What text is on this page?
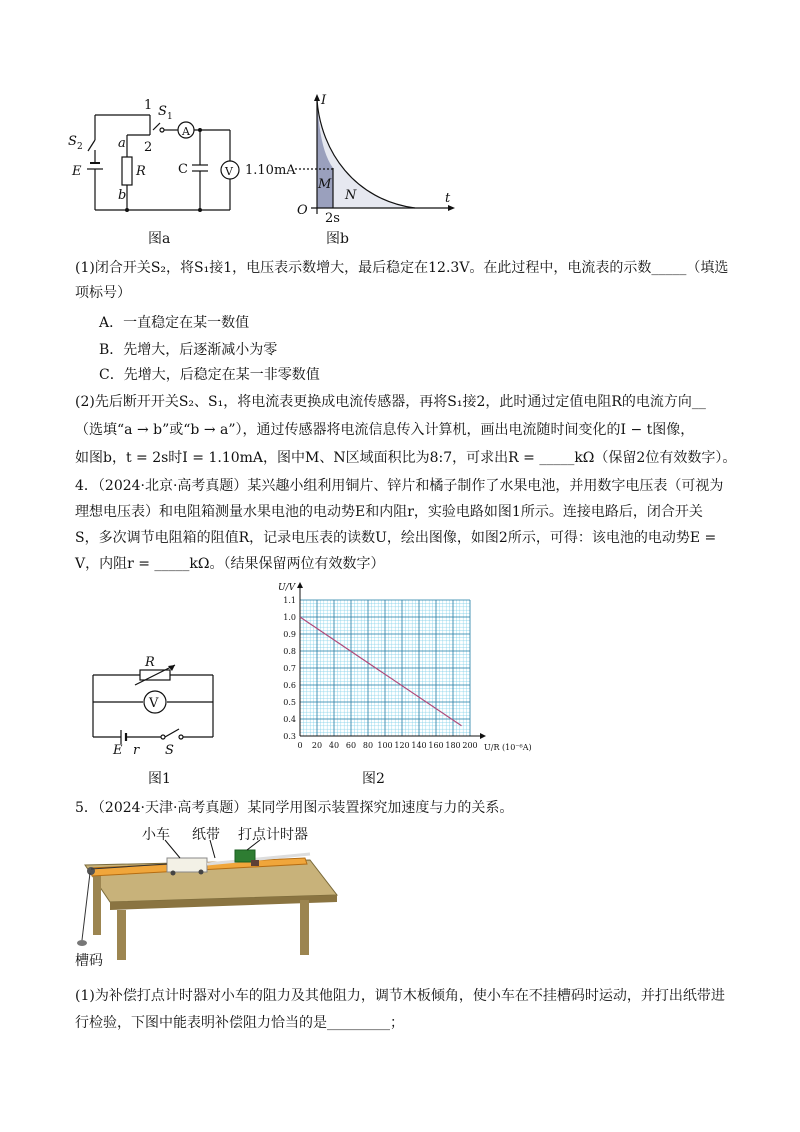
S 2
S 1
1
2
a
b
E	R C
A
V
图a
I
t
O
M
N
1.10mA
2s
图b
(1)闭合开关S₂，将S₁接1，电压表示数增大，最后稳定在12.3V。在此过程中，电流表的示数_____（填选
项标号）
A．一直稳定在某一数值
B．先增大，后逐渐减小为零
C．先增大，后稳定在某一非零数值
(2)先后断开开关S₂、S₁，将电流表更换成电流传感器，再将S₁接2，此时通过定值电阻R的电流方向__
（选填“a → b”或“b → a”），通过传感器将电流信息传入计算机，画出电流随时间变化的I − t图像，
如图b，t = 2s时I = 1.10mA，图中M、N区域面积比为8:7，可求出R = _____kΩ（保留2位有效数字）。
4．（2024·北京·高考真题）某兴趣小组利用铜片、锌片和橘子制作了水果电池，并用数字电压表（可视为
理想电压表）和电阻箱测量水果电池的电动势E和内阻r，实验电路如图1所示。连接电路后，闭合开关
S，多次调节电阻箱的阻值R，记录电压表的读数U，绘出图像，如图2所示，可得：该电池的电动势E =
V，内阻r = _____kΩ。（结果保留两位有效数字）
R
V
E r S
图1
0 20 40 60 80 100 120 140 160 180 200
0.3
0.4
0.5
0.6
0.7
0.8
0.9
1.0
1.1
U/V
U/R (10⁻⁶A)
图2
5．（2024·天津·高考真题）某同学用图示装置探究加速度与力的关系。
小车 纸带 打点计时器
槽码
(1)为补偿打点计时器对小车的阻力及其他阻力，调节木板倾角，使小车在不挂槽码时运动，并打出纸带进
行检验，下图中能表明补偿阻力恰当的是_________；
